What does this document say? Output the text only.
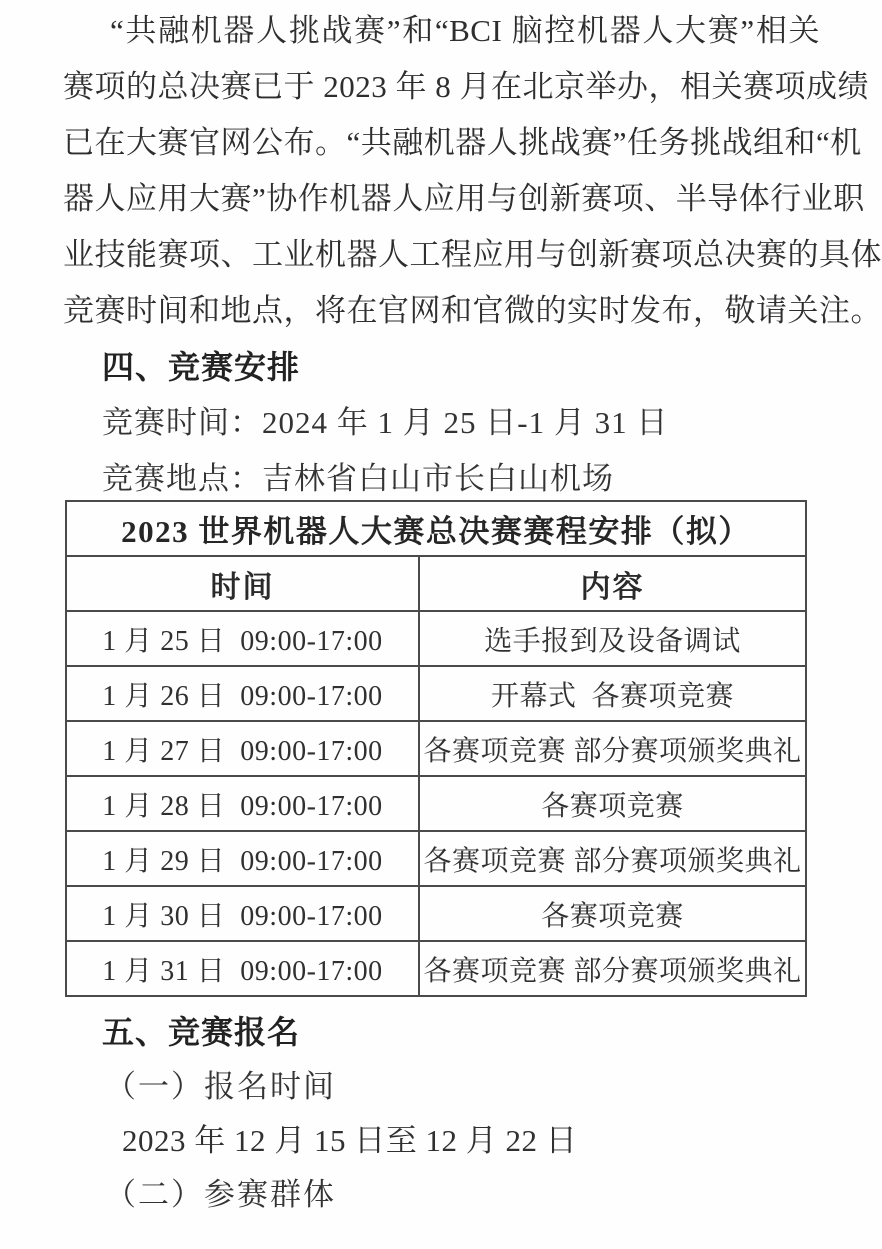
“共融机器人挑战赛”和“BCI 脑控机器人大赛”相关
赛项的总决赛已于 2023 年 8 月在北京举办，相关赛项成绩
已在大赛官网公布。“共融机器人挑战赛”任务挑战组和“机
器人应用大赛”协作机器人应用与创新赛项、半导体行业职
业技能赛项、工业机器人工程应用与创新赛项总决赛的具体
竞赛时间和地点，将在官网和官微的实时发布，敬请关注。
四、竞赛安排
竞赛时间：2024 年 1 月 25 日-1 月 31 日
竞赛地点：吉林省白山市长白山机场
2023 世界机器人大赛总决赛赛程安排（拟）	
时间	内容
1 月 25 日  09:00-17:00	选手报到及设备调试
1 月 26 日  09:00-17:00	开幕式  各赛项竞赛
1 月 27 日  09:00-17:00	各赛项竞赛 部分赛项颁奖典礼
1 月 28 日  09:00-17:00	各赛项竞赛
1 月 29 日  09:00-17:00	各赛项竞赛 部分赛项颁奖典礼
1 月 30 日  09:00-17:00	各赛项竞赛
1 月 31 日  09:00-17:00	各赛项竞赛 部分赛项颁奖典礼
五、竞赛报名
（一）报名时间
2023 年 12 月 15 日至 12 月 22 日
（二）参赛群体
